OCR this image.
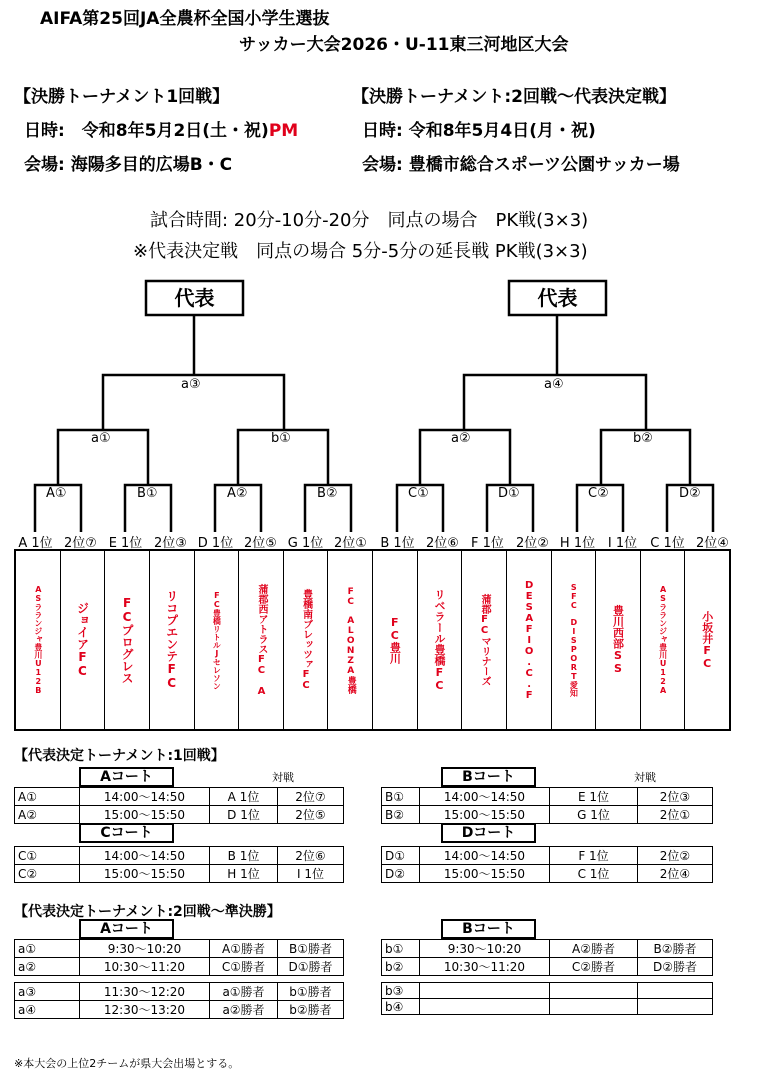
AIFA第25回JA全農杯全国小学生選抜
サッカー大会2026・U-11東三河地区大会
【決勝トーナメント1回戦】
日時:　令和8年5月2日(土・祝)PM
会場: 海陽多目的広場B・C
【決勝トーナメント:2回戦～代表決定戦】
日時: 令和8年5月4日(月・祝)
会場: 豊橋市総合スポーツ公園サッカー場
試合時間: 20分-10分-20分　同点の場合　PK戦(3×3)
※代表決定戦　同点の場合 5分-5分の延長戦 PK戦(3×3)
代表	代表
a③	a④
a①	b①	a②	b②
A①	B①	A②	B②	C①	D①	C②	D②
A 1位 2位⑦ E 1位 2位③ D 1位 2位⑤ G 1位 2位①	B 1位 2位⑥ F 1位 2位② H 1位 I 1位	C 1位 2位④
ASラランジャ豊川U12B	ジョイアFC	FCプログレス	リコプエンテFC	FC豊橋リトルJセレソン	蒲郡西アトラスFC　A	豊橋南ブレッツァFC	FC　ALONZA豊橋	FC豊川	リベラール豊橋FC	蒲郡FCマリナーズ	DESAFIO.C.F	SFC　DISPORT愛知	豊川西部SS	ASラランジャ豊川U12A	小坂井FC
【代表決定トーナメント:1回戦】
Aコート	Bコート
対戦	対戦
A①	14:00～14:50	A 1位	2位⑦
A②	15:00～15:50	D 1位	2位⑤
B①	14:00～14:50	E 1位	2位③
B②	15:00～15:50	G 1位	2位①
Cコート	Dコート
C①	14:00～14:50	B 1位	2位⑥
C②	15:00～15:50	H 1位	I 1位
D①	14:00～14:50	F 1位	2位②
D②	15:00～15:50	C 1位	2位④
【代表決定トーナメント:2回戦～準決勝】
Aコート	Bコート
a①	9:30～10:20	A①勝者	B①勝者
a②	10:30～11:20	C①勝者	D①勝者
b①	9:30～10:20	A②勝者	B②勝者
b②	10:30～11:20	C②勝者	D②勝者
a③	11:30～12:20	a①勝者	b①勝者
a④	12:30～13:20	a②勝者	b②勝者
b③			
b④			
※本大会の上位2チームが県大会出場とする。
